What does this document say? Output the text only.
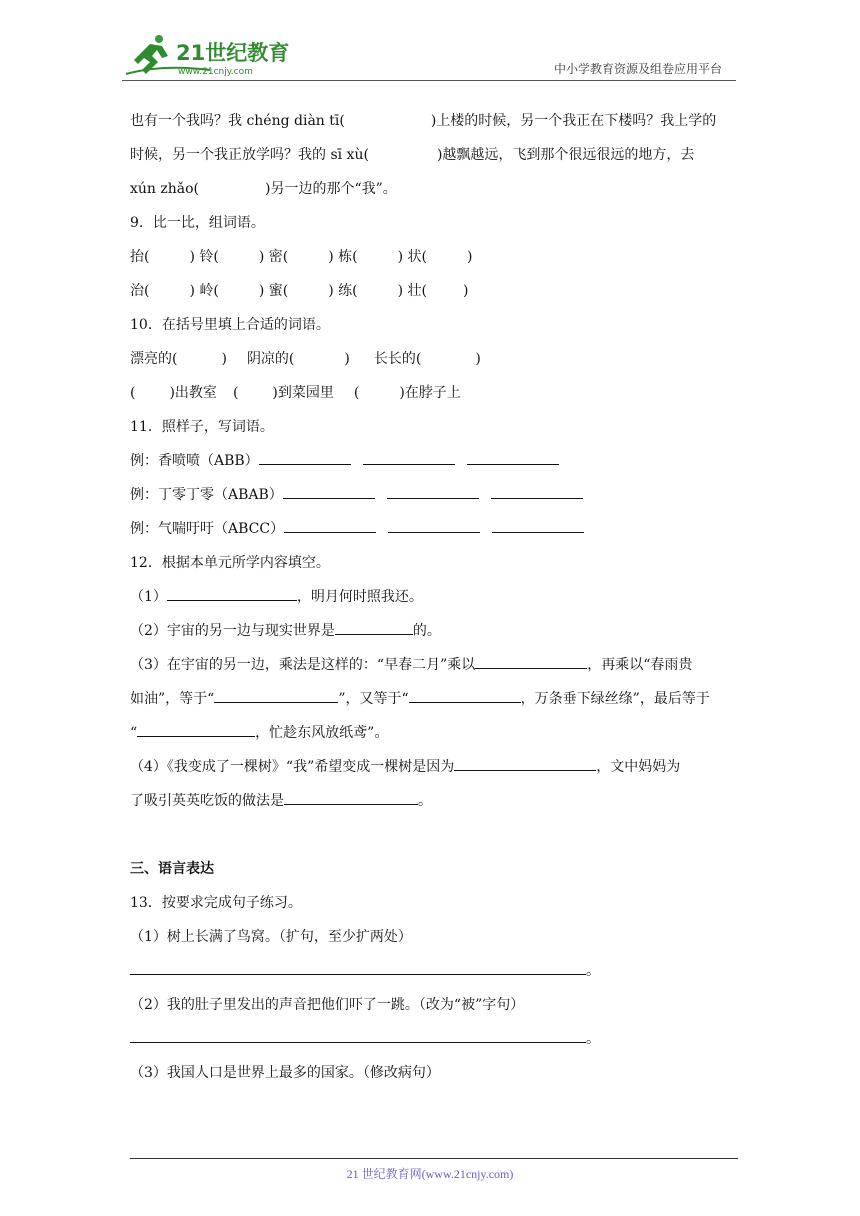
21世纪教育
www.21cnjy.com	中小学教育资源及组卷应用平台
也有一个我吗？我 chéng diàn tī(	)上楼的时候，另一个我正在下楼吗？我上学的
时候，另一个我正放学吗？我的 sī xù(	)越飘越远，飞到那个很远很远的地方，去
xún zhǎo(	)另一边的那个“我”。
9．比一比，组词语。
抬(	) 铃(	) 密(	) 栋(	) 状(	)
治(	) 岭(	) 蜜(	) 练(	) 壮(	)
10．在括号里填上合适的词语。
漂亮的(	) 阴凉的(	) 长长的(	)
( )出教室 ( )到菜园里 (	)在脖子上
11．照样子，写词语。
例：香喷喷（ABB）
例：丁零丁零（ABAB）
例：气喘吁吁（ABCC）
12．根据本单元所学内容填空。
（1）	，明月何时照我还。
（2）宇宙的另一边与现实世界是	的。
（3）在宇宙的另一边，乘法是这样的：“早春二月”乘以	，再乘以“春雨贵
如油”，等于“	”，又等于“	，万条垂下绿丝绦”，最后等于
“	，忙趁东风放纸鸢”。
（4）《我变成了一棵树》“我”希望变成一棵树是因为	，文中妈妈为
了吸引英英吃饭的做法是	。
三、语言表达
13．按要求完成句子练习。
（1）树上长满了鸟窝。（扩句，至少扩两处）
。
（2）我的肚子里发出的声音把他们吓了一跳。（改为“被”字句）
。
（3）我国人口是世界上最多的国家。（修改病句）
21 世纪教育网(www.21cnjy.com)
